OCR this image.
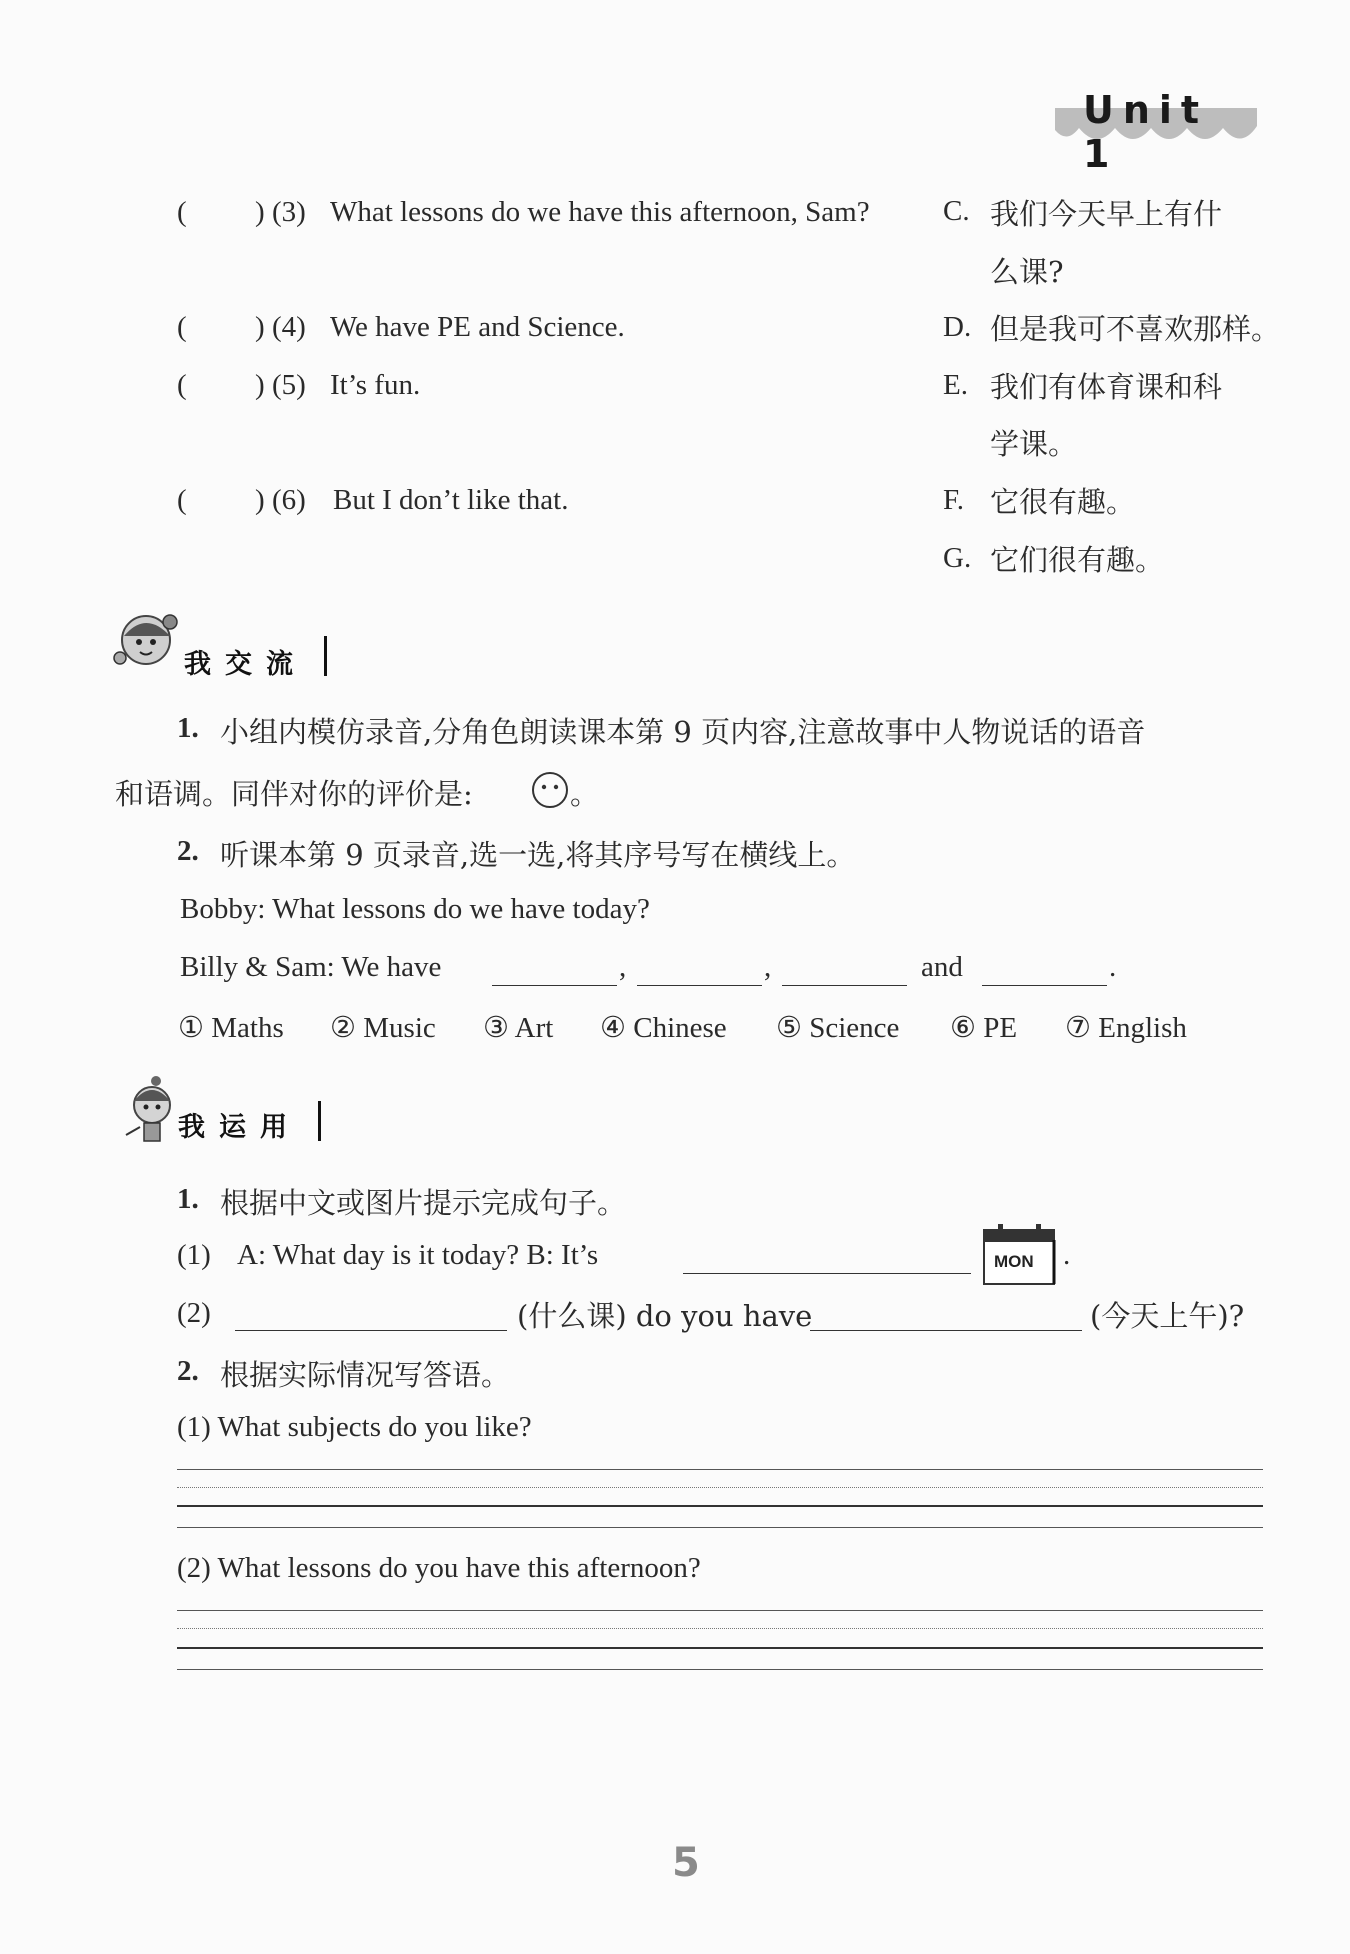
Unit 1
( ) (3) What lessons do we have this afternoon, Sam?
( ) (4) We have PE and Science.
( ) (5) It’s fun.
( ) (6) But I don’t like that.
C. 我们今天早上有什
么课?
D. 但是我可不喜欢那样。
E. 我们有体育课和科
学课。
F. 它很有趣。
G. 它们很有趣。
我交流
1. 小组内模仿录音,分角色朗读课本第 9 页内容,注意故事中人物说话的语音
和语调。同伴对你的评价是:	。
2. 听课本第 9 页录音,选一选,将其序号写在横线上。
Bobby: What lessons do we have today?
Billy & Sam: We have	,	,	and	.
① Maths ② Music ③ Art ④ Chinese ⑤ Science ⑥ PE ⑦ English
我运用
1. 根据中文或图片提示完成句子。
(1) A: What day is it today? B: It’s	MON .
(2)	(什么课) do you have	(今天上午)?
2. 根据实际情况写答语。
(1) What subjects do you like?
(2) What lessons do you have this afternoon?
5
